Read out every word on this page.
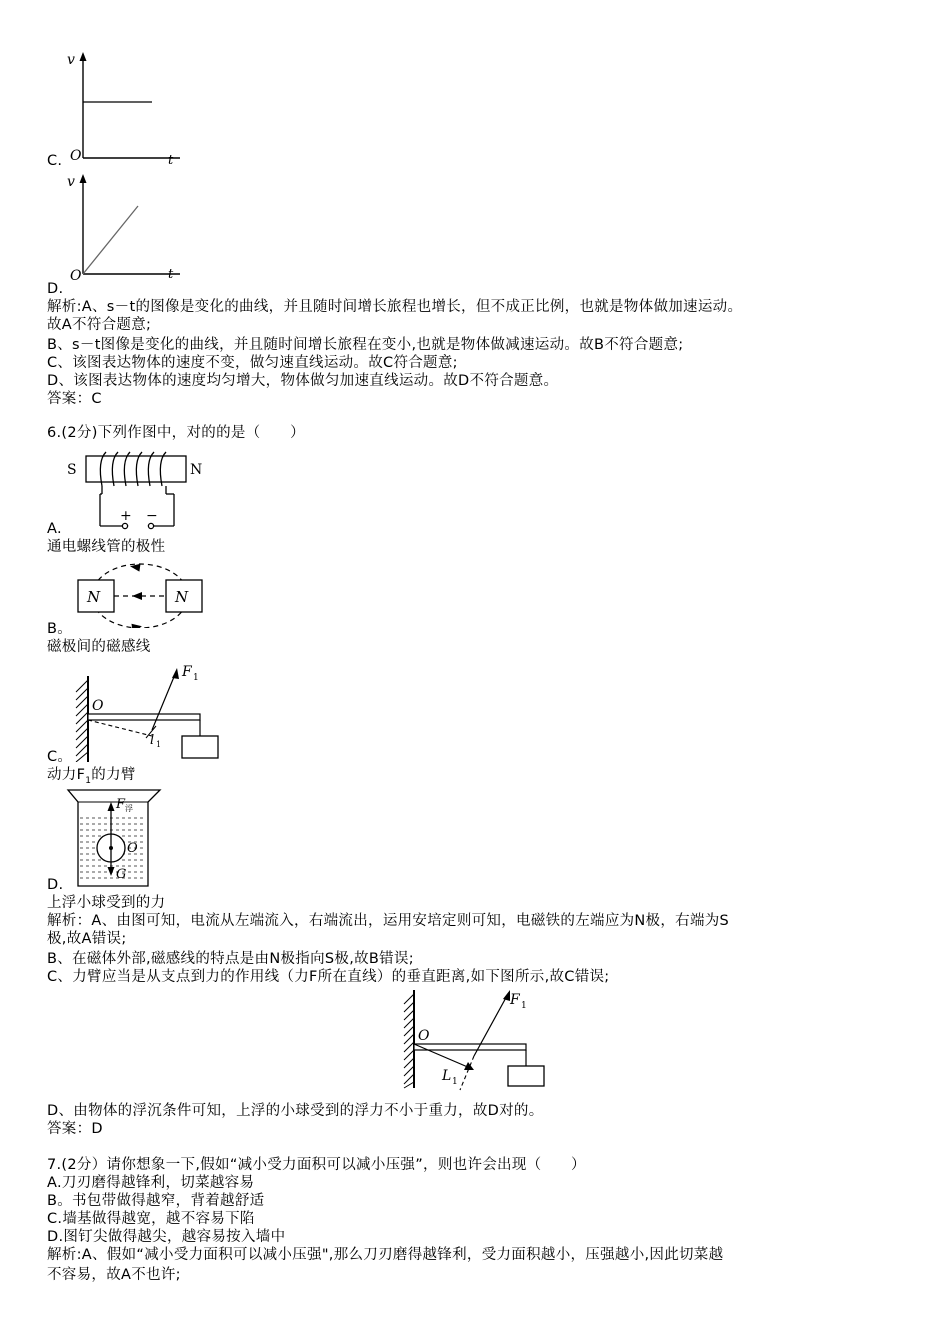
v
t
O
C.
v
t
O
D.
解析:A、s－t的图像是变化的曲线，并且随时间增长旅程也增长，但不成正比例，也就是物体做加速运动。
故A不符合题意;
B、s－t图像是变化的曲线，并且随时间增长旅程在变小,也就是物体做减速运动。故B不符合题意;
C、该图表达物体的速度不变，做匀速直线运动。故C符合题意;
D、该图表达物体的速度均匀增大，物体做匀加速直线运动。故D不符合题意。
答案：C
6.(2分)下列作图中，对的的是（　　）
S	N
+ −
A.
通电螺线管的极性
N	N
B。
磁极间的磁感线
O
F 1
l 1
C。
动力$F_1$的力臂
F 浮
O
G
D.
上浮小球受到的力
解析：A、由图可知，电流从左端流入，右端流出，运用安培定则可知，电磁铁的左端应为N极，右端为S
极,故A错误;
B、在磁体外部,磁感线的特点是由N极指向S极,故B错误;
C、力臂应当是从支点到力的作用线（力F所在直线）的垂直距离,如下图所示,故C错误;
O
F 1
L 1
D、由物体的浮沉条件可知，上浮的小球受到的浮力不小于重力，故D对的。
答案：D
7.(2分）请你想象一下,假如“减小受力面积可以减小压强”，则也许会出现（　　）
A.刀刃磨得越锋利，切菜越容易
B。书包带做得越窄，背着越舒适
C.墙基做得越宽，越不容易下陷
D.图钉尖做得越尖，越容易按入墙中
解析:A、假如“减小受力面积可以减小压强",那么刀刃磨得越锋利，受力面积越小，压强越小,因此切菜越
不容易，故A不也许;
